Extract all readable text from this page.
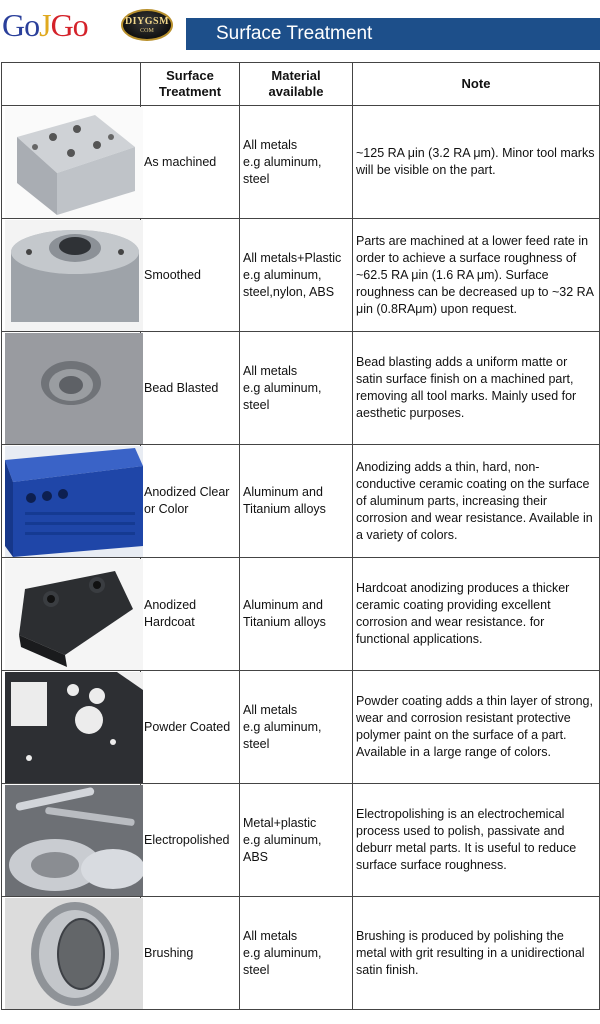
GoJGo	DIYGSM
COM	Surface Treatment
	Surface Treatment	Material available	Note

	As machined	All metals
e.g aluminum,
steel	~125 RA μin (3.2 RA μm). Minor tool marks will be visible on the part.

	Smoothed	All metals+Plastic
e.g aluminum,
steel,nylon, ABS	Parts are machined at a lower feed rate in order to achieve a surface roughness of ~62.5 RA μin (1.6 RA μm). Surface roughness can be decreased up to ~32 RA μin (0.8RAμm) upon request.

	Bead Blasted	All metals
e.g aluminum,
steel	Bead blasting adds a uniform matte or satin surface finish on a machined part, removing all tool marks. Mainly used for aesthetic purposes.

	Anodized Clear or Color	Aluminum and
Titanium alloys	Anodizing adds a thin, hard, non-conductive ceramic coating on the surface of aluminum parts, increasing their corrosion and wear resistance. Available in a variety of colors.

	Anodized Hardcoat	Aluminum and
Titanium alloys	Hardcoat anodizing produces a thicker ceramic coating providing excellent corrosion and wear resistance. for functional applications.

	Powder Coated	All metals
e.g aluminum,
steel	Powder coating adds a thin layer of strong, wear and corrosion resistant protective polymer paint on the surface of a part. Available in a large range of colors.

	Electropolished	Metal+plastic
e.g aluminum,
ABS	Electropolishing is an electrochemical process used to polish, passivate and deburr metal parts. It is useful to reduce surface surface roughness.

	Brushing	All metals
e.g aluminum,
steel	Brushing is produced by polishing the metal with grit resulting in a unidirectional satin finish.
